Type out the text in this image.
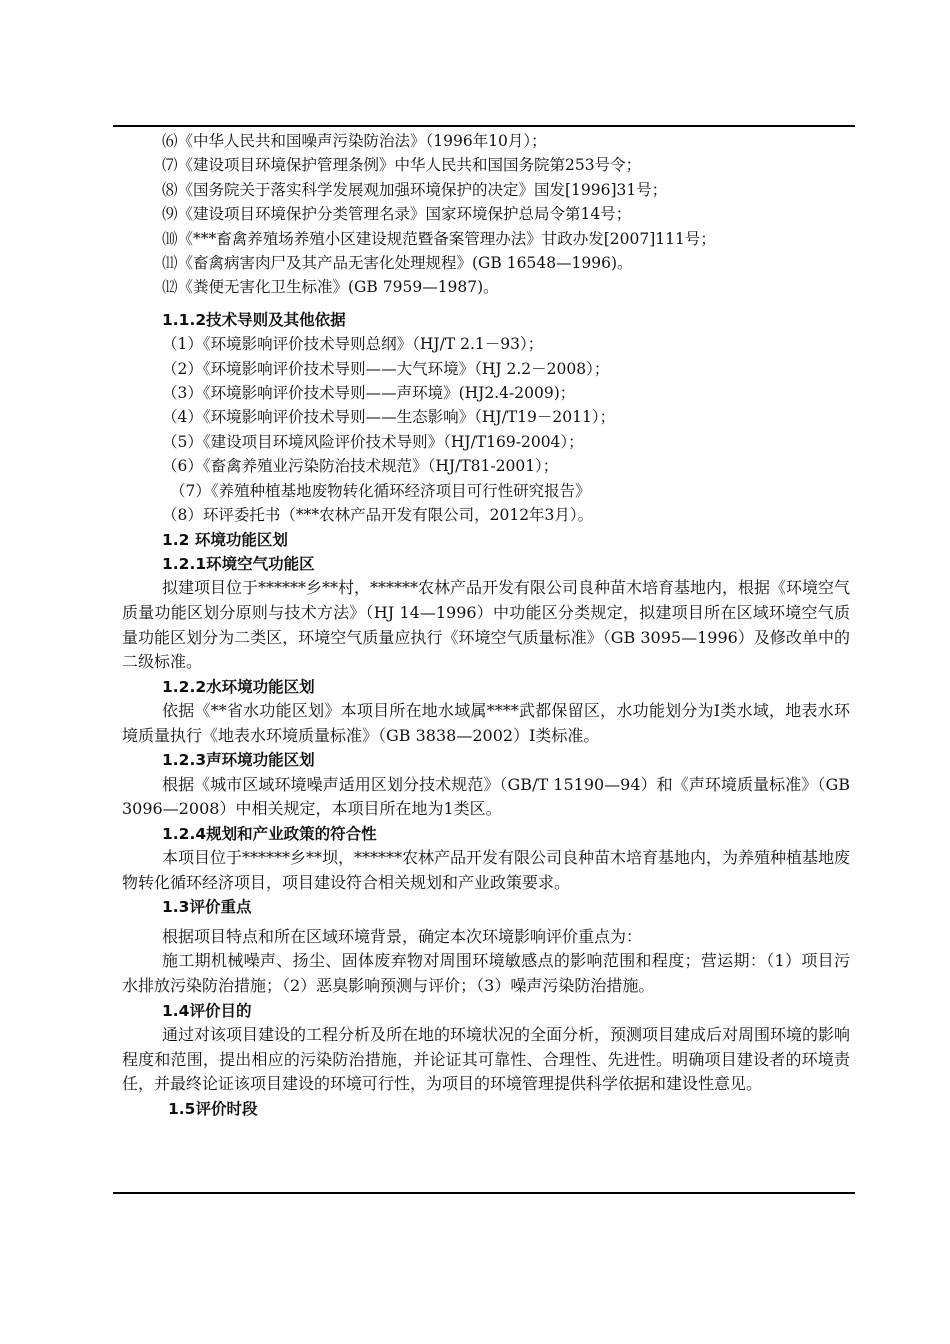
⑹《中华人民共和国噪声污染防治法》（1996年10月）；
⑺《建设项目环境保护管理条例》中华人民共和国国务院第253号令；
⑻《国务院关于落实科学发展观加强环境保护的决定》国发[1996]31号；
⑼《建设项目环境保护分类管理名录》国家环境保护总局令第14号；
⑽《***畜禽养殖场养殖小区建设规范暨备案管理办法》甘政办发[2007]111号；
⑾《畜禽病害肉尸及其产品无害化处理规程》(GB 16548—1996)。
⑿《粪便无害化卫生标准》(GB 7959—1987)。
1.1.2技术导则及其他依据
（1）《环境影响评价技术导则总纲》（HJ/T 2.1－93）；
（2）《环境影响评价技术导则——大气环境》（HJ 2.2－2008）；
（3）《环境影响评价技术导则——声环境》(HJ2.4-2009)；
（4）《环境影响评价技术导则——生态影响》（HJ/T19－2011）；
（5）《建设项目环境风险评价技术导则》（HJ/T169-2004）；
（6）《畜禽养殖业污染防治技术规范》（HJ/T81-2001）；
（7）《养殖种植基地废物转化循环经济项目可行性研究报告》
（8）环评委托书（***农林产品开发有限公司，2012年3月）。
1.2 环境功能区划
1.2.1环境空气功能区
拟建项目位于******乡**村，******农林产品开发有限公司良种苗木培育基地内，根据《环境空气质量功能区划分原则与技术方法》（HJ 14—1996）中功能区分类规定，拟建项目所在区域环境空气质量功能区划分为二类区，环境空气质量应执行《环境空气质量标准》（GB 3095—1996）及修改单中的二级标准。
1.2.2水环境功能区划
依据《**省水功能区划》本项目所在地水域属****武都保留区，水功能划分为Ⅰ类水域，地表水环境质量执行《地表水环境质量标准》（GB 3838—2002）Ⅰ类标准。
1.2.3声环境功能区划
根据《城市区域环境噪声适用区划分技术规范》（GB/T 15190—94）和《声环境质量标准》（GB 3096—2008）中相关规定，本项目所在地为1类区。
1.2.4规划和产业政策的符合性
本项目位于******乡**坝，******农林产品开发有限公司良种苗木培育基地内，为养殖种植基地废物转化循环经济项目，项目建设符合相关规划和产业政策要求。
1.3评价重点
根据项目特点和所在区域环境背景，确定本次环境影响评价重点为：
施工期机械噪声、扬尘、固体废弃物对周围环境敏感点的影响范围和程度；营运期：（1）项目污水排放污染防治措施；（2）恶臭影响预测与评价；（3）噪声污染防治措施。
1.4评价目的
通过对该项目建设的工程分析及所在地的环境状况的全面分析，预测项目建成后对周围环境的影响程度和范围，提出相应的污染防治措施，并论证其可靠性、合理性、先进性。明确项目建设者的环境责任，并最终论证该项目建设的环境可行性，为项目的环境管理提供科学依据和建设性意见。
1.5评价时段
